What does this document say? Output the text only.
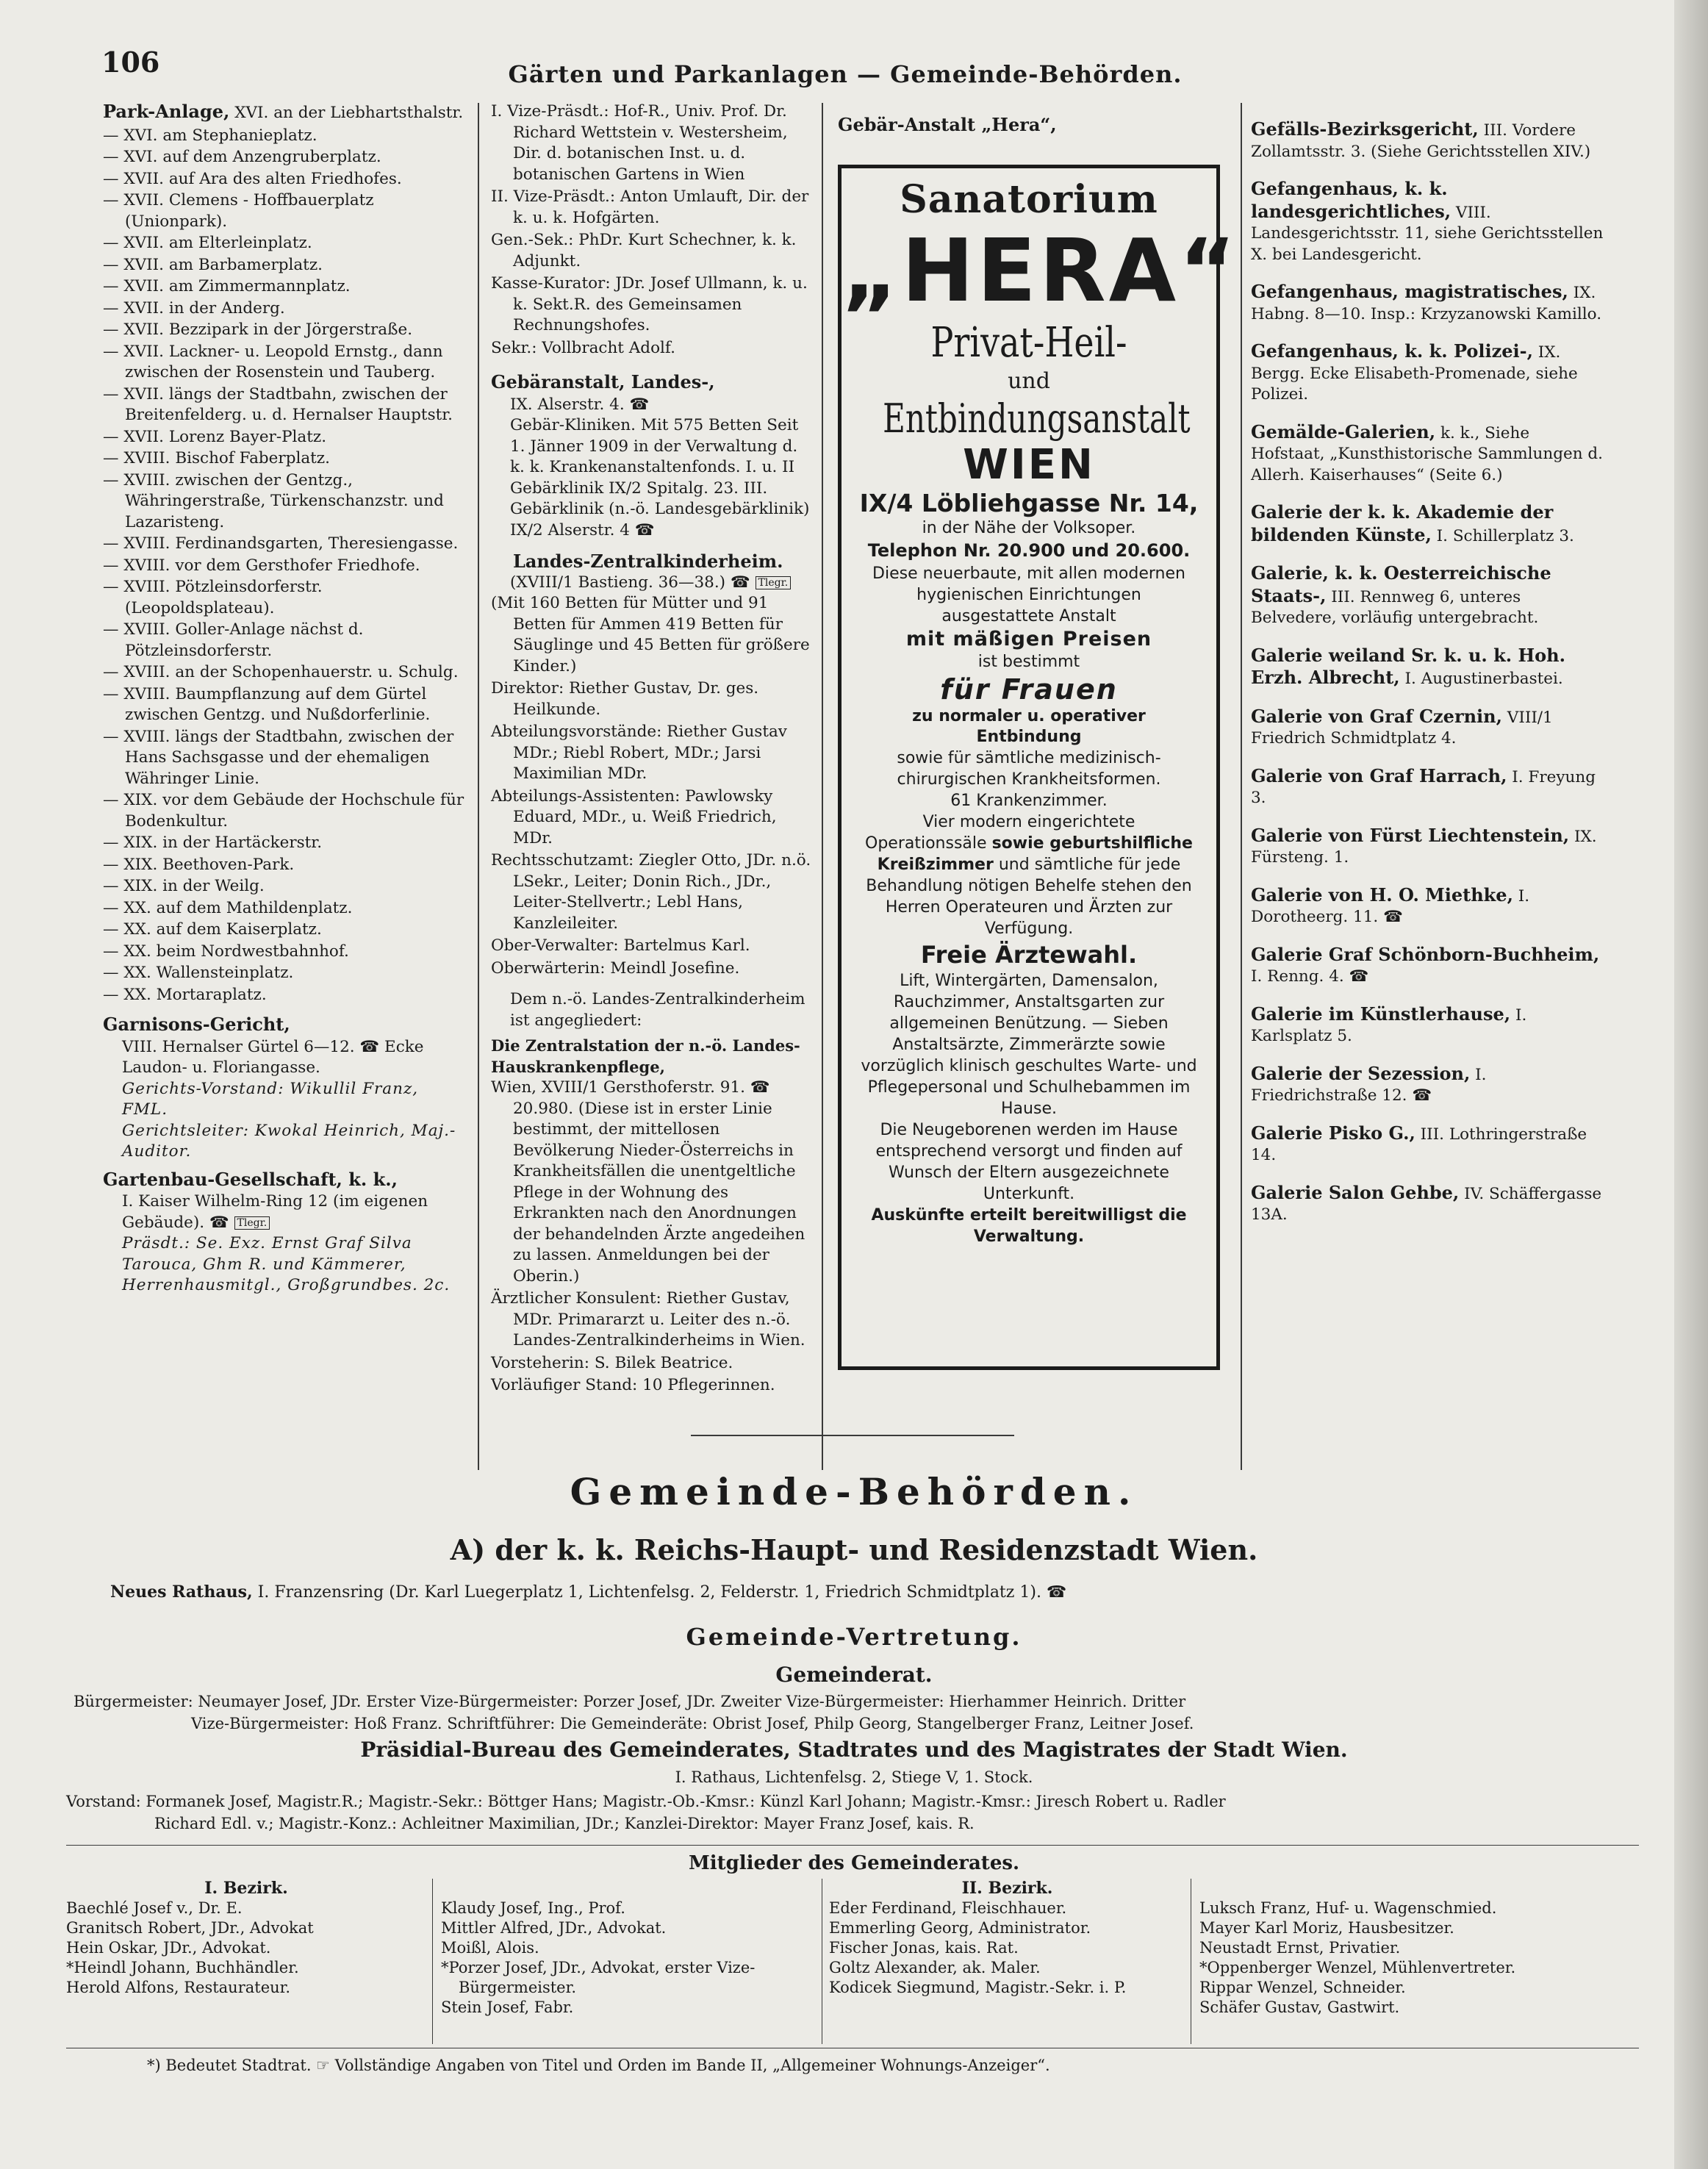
106	Gärten und Parkanlagen — Gemeinde-Behörden.

Park-Anlage, XVI. an der Liebhartsthalstr.

— XVI. am Stephanieplatz.

— XVI. auf dem Anzengruberplatz.

— XVII. auf Ara des alten Friedhofes.

— XVII. Clemens - Hoffbauerplatz (Unionpark).

— XVII. am Elterleinplatz.

— XVII. am Barbamerplatz.

— XVII. am Zimmermannplatz.

— XVII. in der Anderg.

— XVII. Bezzipark in der Jörgerstraße.

— XVII. Lackner- u. Leopold Ernstg., dann zwischen der Rosenstein und Tauberg.

— XVII. längs der Stadtbahn, zwischen der Breitenfelderg. u. d. Hernalser Hauptstr.

— XVII. Lorenz Bayer-Platz.

— XVIII. Bischof Faberplatz.

— XVIII. zwischen der Gentzg., Währingerstraße, Türkenschanzstr. und Lazaristeng.

— XVIII. Ferdinandsgarten, Theresiengasse.

— XVIII. vor dem Gersthofer Friedhofe.

— XVIII. Pötzleinsdorferstr. (Leopoldsplateau).

— XVIII. Goller-Anlage nächst d. Pötzleinsdorferstr.

— XVIII. an der Schopenhauerstr. u. Schulg.

— XVIII. Baumpflanzung auf dem Gürtel zwischen Gentzg. und Nußdorferlinie.

— XVIII. längs der Stadtbahn, zwischen der Hans Sachsgasse und der ehemaligen Währinger Linie.

— XIX. vor dem Gebäude der Hochschule für Bodenkultur.

— XIX. in der Hartäckerstr.

— XIX. Beethoven-Park.

— XIX. in der Weilg.

— XX. auf dem Mathildenplatz.

— XX. auf dem Kaiserplatz.

— XX. beim Nordwestbahnhof.

— XX. Wallensteinplatz.

— XX. Mortaraplatz.

Garnisons-Gericht,

VIII. Hernalser Gürtel 6—12. ☎ Ecke Laudon- u. Floriangasse.

Gerichts-Vorstand: Wikullil Franz, FML.

Gerichtsleiter: Kwokal Heinrich, Maj.-Auditor.

Gartenbau-Gesellschaft, k. k.,

I. Kaiser Wilhelm-Ring 12 (im eigenen Gebäude). ☎ Tlegr.

Präsdt.: Se. Exz. Ernst Graf Silva Tarouca, Ghm R. und Kämmerer, Herrenhausmitgl., Großgrundbes. 2c.

I. Vize-Präsdt.: Hof-R., Univ. Prof. Dr. Richard Wettstein v. Westersheim, Dir. d. botanischen Inst. u. d. botanischen Gartens in Wien

II. Vize-Präsdt.: Anton Umlauft, Dir. der k. u. k. Hofgärten.

Gen.-Sek.: PhDr. Kurt Schechner, k. k. Adjunkt.

Kasse-Kurator: JDr. Josef Ullmann, k. u. k. Sekt.R. des Gemeinsamen Rechnungshofes.

Sekr.: Vollbracht Adolf.

Gebäranstalt, Landes-,

IX. Alserstr. 4. ☎

Gebär-Kliniken. Mit 575 Betten Seit 1. Jänner 1909 in der Verwaltung d. k. k. Krankenanstaltenfonds. I. u. II Gebärklinik IX/2 Spitalg. 23. III. Gebärklinik (n.-ö. Landesgebärklinik) IX/2 Alserstr. 4 ☎

Landes-Zentralkinderheim.

(XVIII/1 Bastieng. 36—38.) ☎ Tlegr.

(Mit 160 Betten für Mütter und 91 Betten für Ammen 419 Betten für Säuglinge und 45 Betten für größere Kinder.)

Direktor: Riether Gustav, Dr. ges. Heilkunde.

Abteilungsvorstände: Riether Gustav MDr.; Riebl Robert, MDr.; Jarsi Maximilian MDr.

Abteilungs-Assistenten: Pawlowsky Eduard, MDr., u. Weiß Friedrich, MDr.

Rechtsschutzamt: Ziegler Otto, JDr. n.ö. LSekr., Leiter; Donin Rich., JDr., Leiter-Stellvertr.; Lebl Hans, Kanzleileiter.

Ober-Verwalter: Bartelmus Karl.

Oberwärterin: Meindl Josefine.

Dem n.-ö. Landes-Zentralkinderheim ist angegliedert:

Die Zentralstation der n.-ö. Landes-Hauskrankenpflege,

Wien, XVIII/1 Gersthoferstr. 91. ☎ 20.980. (Diese ist in erster Linie bestimmt, der mittellosen Bevölkerung Nieder-Österreichs in Krankheitsfällen die unentgeltliche Pflege in der Wohnung des Erkrankten nach den Anordnungen der behandelnden Ärzte angedeihen zu lassen. Anmeldungen bei der Oberin.)

Ärztlicher Konsulent: Riether Gustav, MDr. Primararzt u. Leiter des n.-ö. Landes-Zentralkinderheims in Wien.

Vorsteherin: S. Bilek Beatrice.

Vorläufiger Stand: 10 Pflegerinnen.

Gebär-Anstalt „Hera“,
Sanatorium
„HERA“
Privat-Heil-
und
Entbindungsanstalt
WIEN
IX/4 Löbliehgasse Nr. 14,
in der Nähe der Volksoper.
Telephon Nr. 20.900 und 20.600.
Diese neuerbaute, mit allen modernen hygienischen Einrichtungen ausgestattete Anstalt
mit mäßigen Preisen
ist bestimmt
für Frauen
zu normaler u. operativer Entbindung
sowie für sämtliche medizinisch-chirurgischen Krankheitsformen.
61 Krankenzimmer.
Vier modern eingerichtete Operationssäle sowie geburtshilfliche Kreißzimmer und sämtliche für jede Behandlung nötigen Behelfe stehen den Herren Operateuren und Ärzten zur Verfügung.
Freie Ärztewahl.
Lift, Wintergärten, Damensalon, Rauchzimmer, Anstaltsgarten zur allgemeinen Benützung. — Sieben Anstaltsärzte, Zimmerärzte sowie vorzüglich klinisch geschultes Warte- und Pflegepersonal und Schulhebammen im Hause.
Die Neugeborenen werden im Hause entsprechend versorgt und finden auf Wunsch der Eltern ausgezeichnete Unterkunft.
Auskünfte erteilt bereitwilligst die Verwaltung.
Gefälls-Bezirksgericht, III. Vordere Zollamtsstr. 3. (Siehe Gerichtsstellen XIV.)
Gefangenhaus, k. k. landesgerichtliches, VIII. Landesgerichtsstr. 11, siehe Gerichtsstellen X. bei Landesgericht.
Gefangenhaus, magistratisches, IX. Habng. 8—10. Insp.: Krzyzanowski Kamillo.
Gefangenhaus, k. k. Polizei-, IX. Bergg. Ecke Elisabeth-Promenade, siehe Polizei.
Gemälde-Galerien, k. k., Siehe Hofstaat, „Kunsthistorische Sammlungen d. Allerh. Kaiserhauses“ (Seite 6.)
Galerie der k. k. Akademie der bildenden Künste, I. Schillerplatz 3.
Galerie, k. k. Oesterreichische Staats-, III. Rennweg 6, unteres Belvedere, vorläufig untergebracht.
Galerie weiland Sr. k. u. k. Hoh. Erzh. Albrecht, I. Augustinerbastei.
Galerie von Graf Czernin, VIII/1 Friedrich Schmidtplatz 4.
Galerie von Graf Harrach, I. Freyung 3.
Galerie von Fürst Liechtenstein, IX. Fürsteng. 1.
Galerie von H. O. Miethke, I. Dorotheerg. 11. ☎
Galerie Graf Schönborn-Buchheim, I. Renng. 4. ☎
Galerie im Künstlerhause, I. Karlsplatz 5.
Galerie der Sezession, I. Friedrichstraße 12. ☎
Galerie Pisko G., III. Lothringerstraße 14.
Galerie Salon Gehbe, IV. Schäffergasse 13A.
Gemeinde-Behörden.
A) der k. k. Reichs-Haupt- und Residenzstadt Wien.
Neues Rathaus, I. Franzensring (Dr. Karl Luegerplatz 1, Lichtenfelsg. 2, Felderstr. 1, Friedrich Schmidtplatz 1). ☎
Gemeinde-Vertretung.
Gemeinderat.

Bürgermeister: Neumayer Josef, JDr. Erster Vize-Bürgermeister: Porzer Josef, JDr. Zweiter Vize-Bürgermeister: Hierhammer Heinrich. Dritter

Vize-Bürgermeister: Hoß Franz. Schriftführer: Die Gemeinderäte: Obrist Josef, Philp Georg, Stangelberger Franz, Leitner Josef.

Präsidial-Bureau des Gemeinderates, Stadtrates und des Magistrates der Stadt Wien.
I. Rathaus, Lichtenfelsg. 2, Stiege V, 1. Stock.

Vorstand: Formanek Josef, Magistr.R.; Magistr.-Sekr.: Böttger Hans; Magistr.-Ob.-Kmsr.: Künzl Karl Johann; Magistr.-Kmsr.: Jiresch Robert u. Radler

Richard Edl. v.; Magistr.-Konz.: Achleitner Maximilian, JDr.; Kanzlei-Direktor: Mayer Franz Josef, kais. R.

Mitglieder des Gemeinderates.

I. Bezirk.

Baechlé Josef v., Dr. E.

Granitsch Robert, JDr., Advokat

Hein Oskar, JDr., Advokat.

*Heindl Johann, Buchhändler.

Herold Alfons, Restaurateur.

Klaudy Josef, Ing., Prof.

Mittler Alfred, JDr., Advokat.

Moißl, Alois.

*Porzer Josef, JDr., Advokat, erster Vize-Bürgermeister.

Stein Josef, Fabr.

II. Bezirk.

Eder Ferdinand, Fleischhauer.

Emmerling Georg, Administrator.

Fischer Jonas, kais. Rat.

Goltz Alexander, ak. Maler.

Kodicek Siegmund, Magistr.-Sekr. i. P.

Luksch Franz, Huf- u. Wagenschmied.

Mayer Karl Moriz, Hausbesitzer.

Neustadt Ernst, Privatier.

*Oppenberger Wenzel, Mühlenvertreter.

Rippar Wenzel, Schneider.

Schäfer Gustav, Gastwirt.

*) Bedeutet Stadtrat. ☞ Vollständige Angaben von Titel und Orden im Bande II, „Allgemeiner Wohnungs-Anzeiger“.
